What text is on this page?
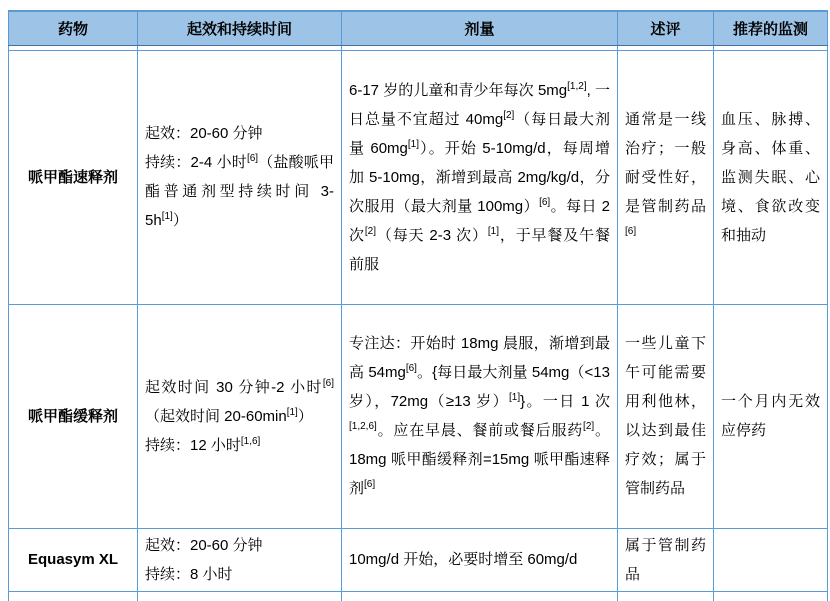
药物	起效和持续时间	剂量	述评	推荐的监测

哌甲酯速释剂	起效：20-60 分钟
持续：2-4 小时[6]（盐酸哌甲酯普通剂型持续时间 3-5h[1]）	6-17 岁的儿童和青少年每次 5mg[1,2], 一日总量不宜超过 40mg[2]（每日最大剂量 60mg[1]）。开始 5-10mg/d，每周增加 5-10mg，渐增到最高 2mg/kg/d，分次服用（最大剂量 100mg）[6]。每日 2 次[2]（每天 2-3 次）[1]，于早餐及午餐前服	通常是一线治疗；一般耐受性好，是管制药品[6]	血压、脉搏、身高、体重、监测失眠、心境、食欲改变和抽动

哌甲酯缓释剂	起效时间 30 分钟-2 小时[6]（起效时间 20-60min[1]）
持续：12 小时[1,6]	专注达：开始时 18mg 晨服，渐增到最高 54mg[6]。{每日最大剂量 54mg（<13 岁），72mg（≥13 岁）[1]}。一日 1 次[1,2,6]。应在早晨、餐前或餐后服药[2]。18mg 哌甲酯缓释剂=15mg 哌甲酯速释剂[6]	一些儿童下午可能需要用利他林，以达到最佳疗效；属于管制药品	一个月内无效应停药

Equasym XL	起效：20-60 分钟
持续：8 小时	10mg/d 开始，必要时增至 60mg/d	属于管制药品	
